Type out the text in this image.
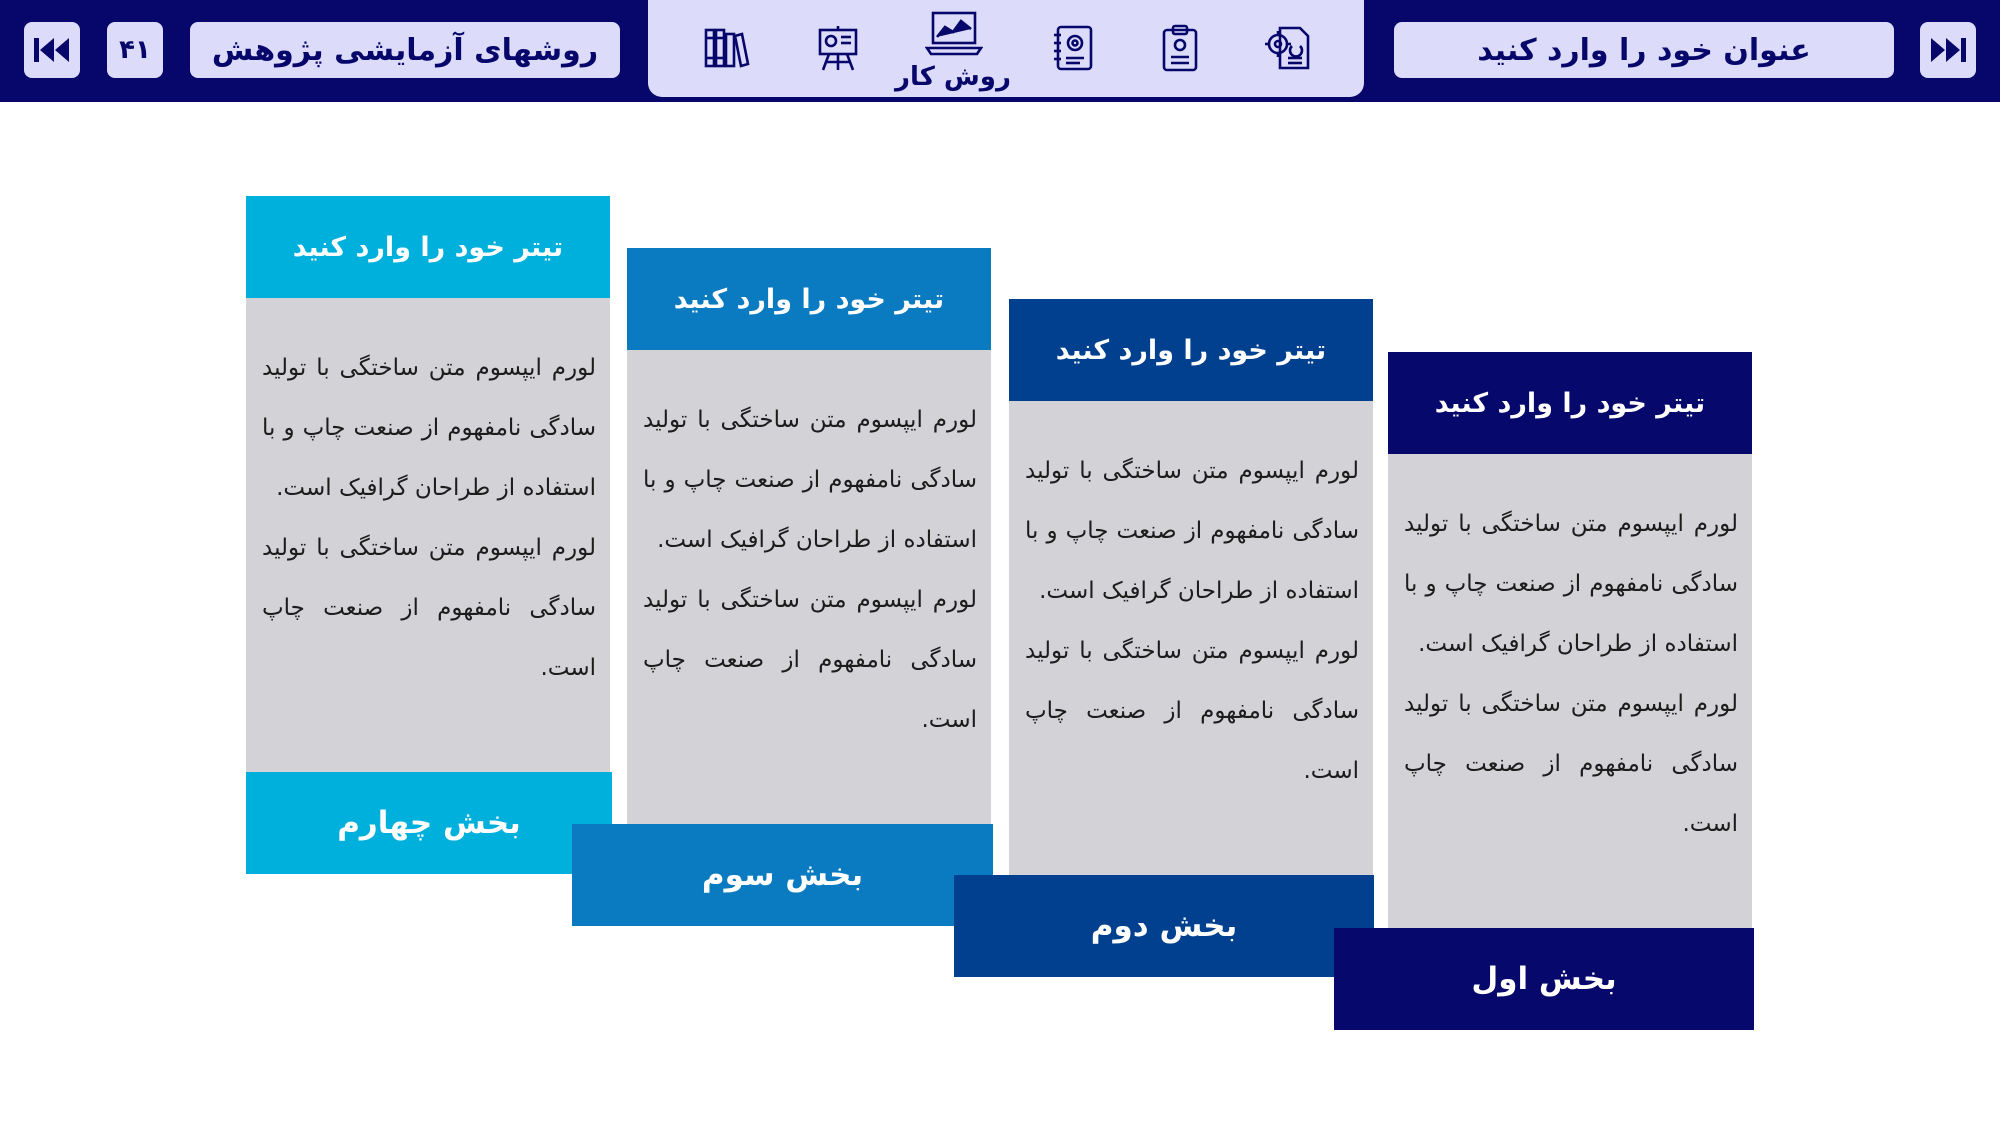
۴۱	روشهای آزمایشی پژوهش
روش کار
عنوان خود را وارد کنید
تیتر خود را وارد کنید

لورم ایپسوم متن ساختگی با تولید سادگی نامفهوم از صنعت چاپ و با استفاده از طراحان گرافیک است.

لورم ایپسوم متن ساختگی با تولید سادگی نامفهوم از صنعت چاپ است.

بخش چهارم
تیتر خود را وارد کنید

لورم ایپسوم متن ساختگی با تولید سادگی نامفهوم از صنعت چاپ و با استفاده از طراحان گرافیک است.

لورم ایپسوم متن ساختگی با تولید سادگی نامفهوم از صنعت چاپ است.

بخش سوم
تیتر خود را وارد کنید

لورم ایپسوم متن ساختگی با تولید سادگی نامفهوم از صنعت چاپ و با استفاده از طراحان گرافیک است.

لورم ایپسوم متن ساختگی با تولید سادگی نامفهوم از صنعت چاپ است.

بخش دوم
تیتر خود را وارد کنید

لورم ایپسوم متن ساختگی با تولید سادگی نامفهوم از صنعت چاپ و با استفاده از طراحان گرافیک است.

لورم ایپسوم متن ساختگی با تولید سادگی نامفهوم از صنعت چاپ است.

بخش اول
